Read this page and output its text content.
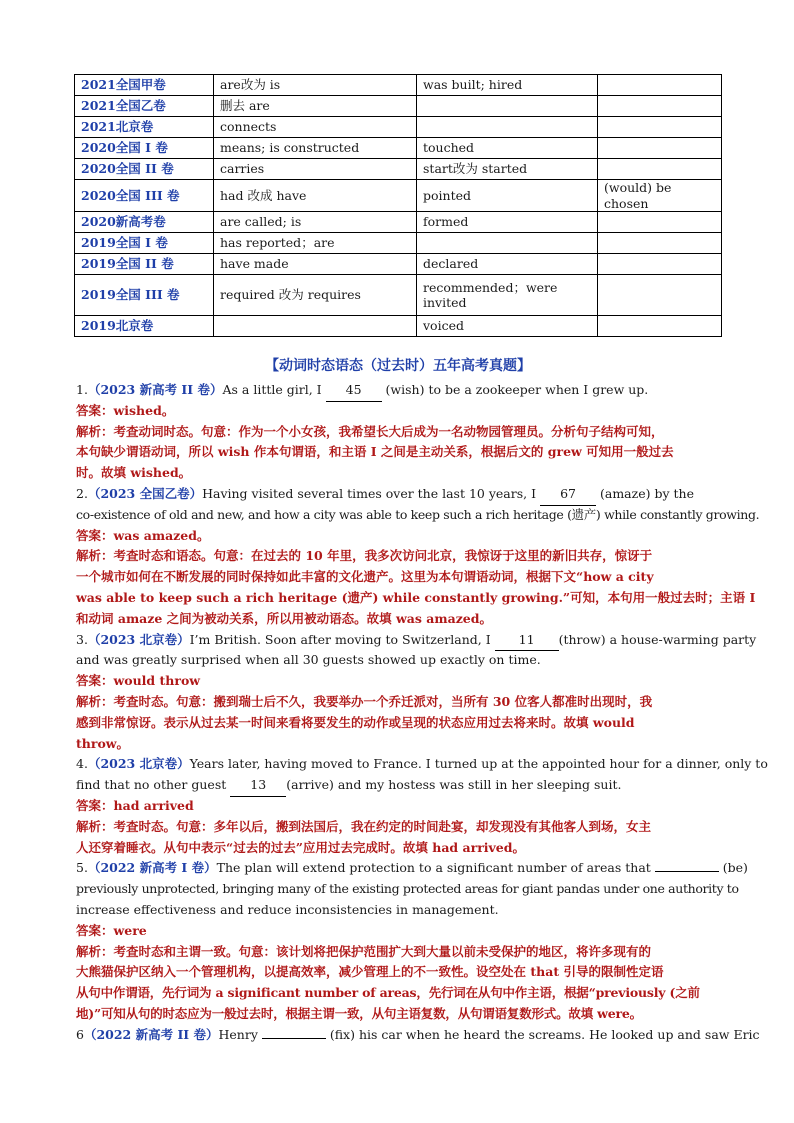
2021全国甲卷	are改为 is	was built; hired	
2021全国乙卷	删去 are		
2021北京卷	connects		
2020全国 I 卷	means; is constructed	touched	
2020全国 II 卷	carries	start改为 started	
2020全国 III 卷	had 改成 have	pointed	(would) be chosen
2020新高考卷	are called; is	formed	
2019全国 I 卷	has reported；are		
2019全国 II 卷	have made	declared	
2019全国 III 卷	required 改为 requires	recommended；were invited	
2019北京卷		voiced	
【动词时态语态（过去时）五年高考真题】
1.（2023 新高考 II 卷）As a little girl, I 45 (wish) to be a zookeeper when I grew up.
答案：wished。
解析：考查动词时态。句意：作为一个小女孩，我希望长大后成为一名动物园管理员。分析句子结构可知，
本句缺少谓语动词，所以 wish 作本句谓语，和主语 I 之间是主动关系，根据后文的 grew 可知用一般过去
时。故填 wished。
2.（2023 全国乙卷）Having visited several times over the last 10 years, I 67 (amaze) by the
co-existence of old and new, and how a city was able to keep such a rich heritage (遗产) while constantly growing.
答案：was amazed。
解析：考查时态和语态。句意：在过去的 10 年里，我多次访问北京，我惊讶于这里的新旧共存，惊讶于
一个城市如何在不断发展的同时保持如此丰富的文化遗产。这里为本句谓语动词，根据下文“how a city
was able to keep such a rich heritage (遗产) while constantly growing.”可知，本句用一般过去时；主语 I
和动词 amaze 之间为被动关系，所以用被动语态。故填 was amazed。
3.（2023 北京卷）I’m British. Soon after moving to Switzerland, I 11 (throw) a house-warming party
and was greatly surprised when all 30 guests showed up exactly on time.
答案：would throw
解析：考查时态。句意：搬到瑞士后不久，我要举办一个乔迁派对，当所有 30 位客人都准时出现时，我
感到非常惊讶。表示从过去某一时间来看将要发生的动作或呈现的状态应用过去将来时。故填 would
throw。
4.（2023 北京卷）Years later, having moved to France. I turned up at the appointed hour for a dinner, only to
find that no other guest 13 (arrive) and my hostess was still in her sleeping suit.
答案：had arrived
解析：考查时态。句意：多年以后，搬到法国后，我在约定的时间赴宴，却发现没有其他客人到场，女主
人还穿着睡衣。从句中表示“过去的过去”应用过去完成时。故填 had arrived。
5.（2022 新高考 I 卷）The plan will extend protection to a significant number of areas that	(be)
previously unprotected, bringing many of the existing protected areas for giant pandas under one authority to
increase effectiveness and reduce inconsistencies in management.
答案：were
解析：考查时态和主谓一致。句意：该计划将把保护范围扩大到大量以前未受保护的地区，将许多现有的
大熊猫保护区纳入一个管理机构，以提高效率，减少管理上的不一致性。设空处在 that 引导的限制性定语
从句中作谓语，先行词为 a significant number of areas，先行词在从句中作主语，根据“previously (之前
地)”可知从句的时态应为一般过去时，根据主谓一致，从句主语复数，从句谓语复数形式。故填 were。
6（2022 新高考 II 卷）Henry	(fix) his car when he heard the screams. He looked up and saw Eric
